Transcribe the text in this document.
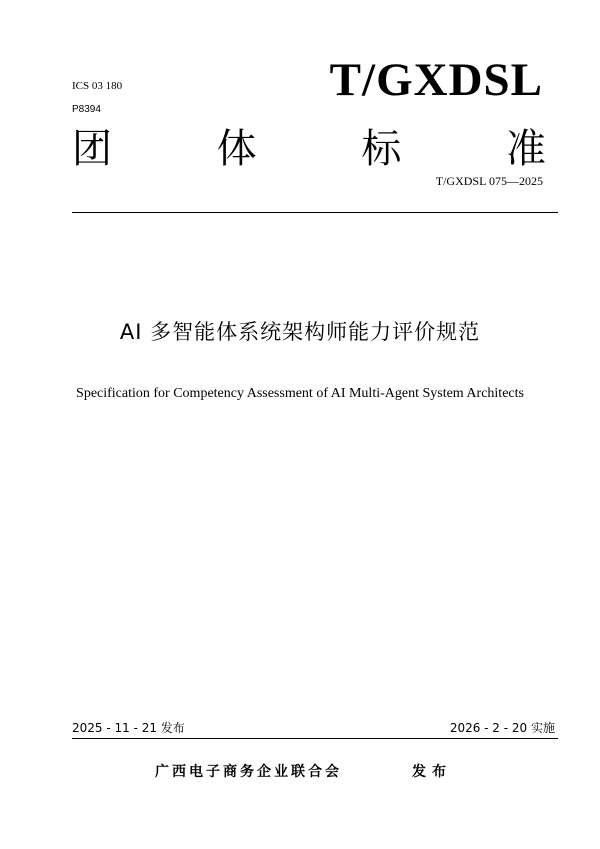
ICS 03 180
P8394
T/GXDSL
团	体	标	准
T/GXDSL 075—2025
AI 多智能体系统架构师能力评价规范
Specification for Competency Assessment of AI Multi-Agent System Architects
2025 - 11 - 21 发布	2026 - 2 - 20 实施
广西电子商务企业联合会	发布
